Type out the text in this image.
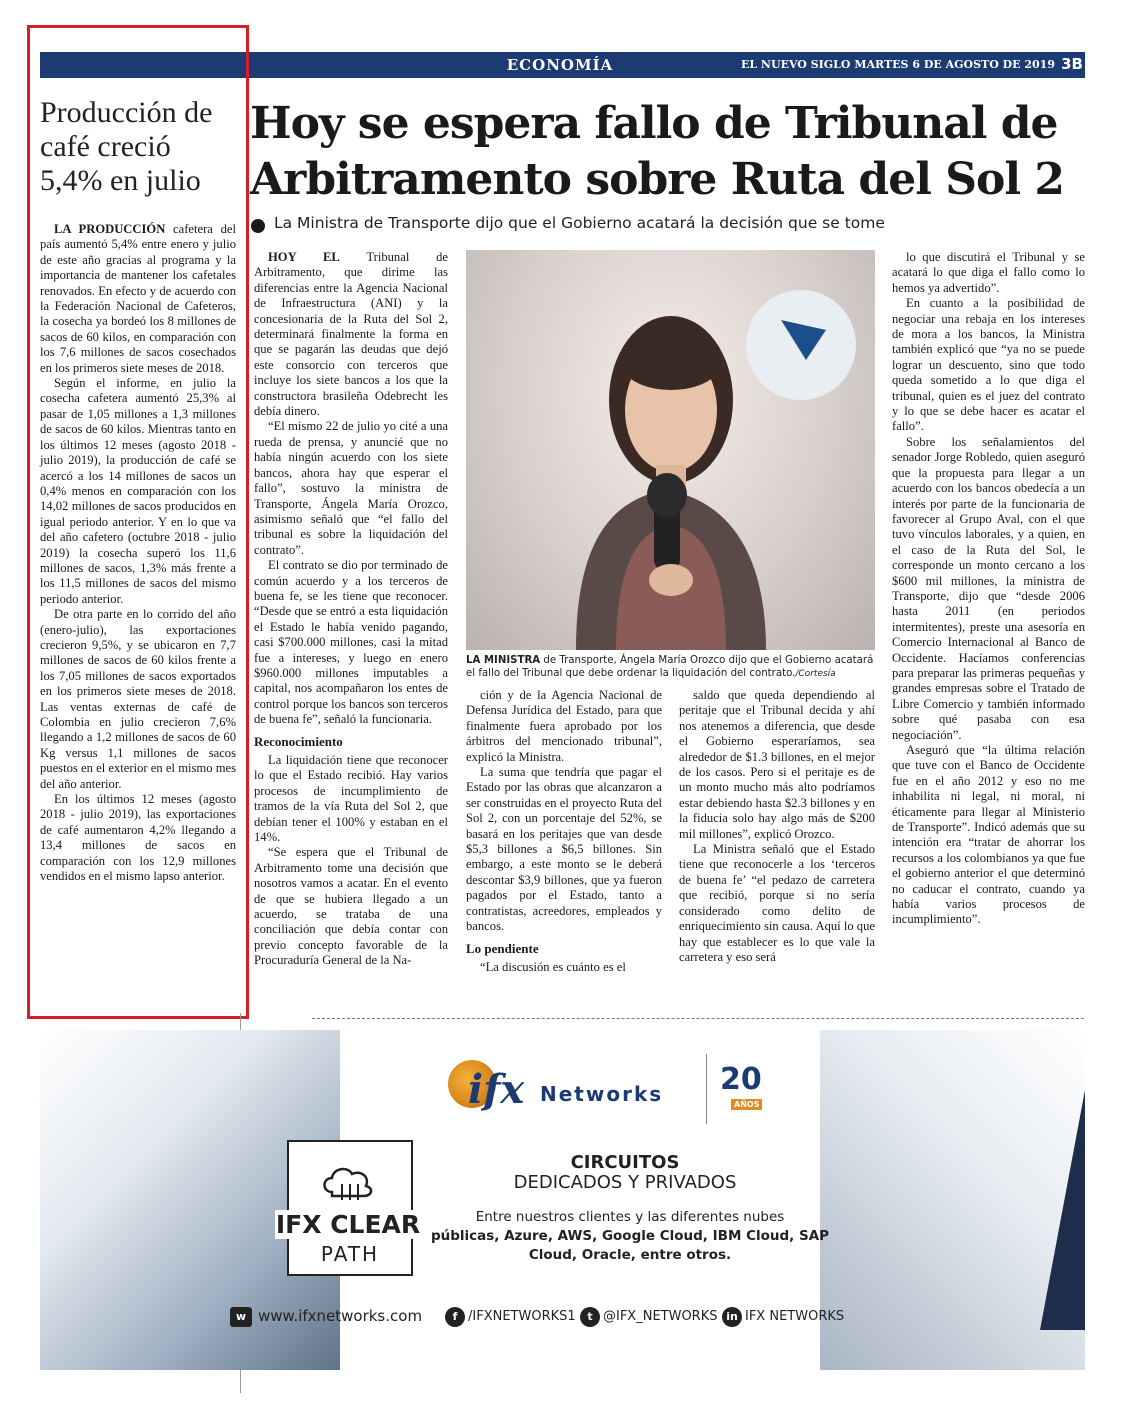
ECONOMÍA	EL NUEVO SIGLO MARTES 6 DE AGOSTO DE 2019 3B
Producción de café creció 5,4% en julio

LA PRODUCCIÓN cafetera del país aumentó 5,4% entre enero y julio de este año gracias al programa y la importancia de mantener los cafetales renovados. En efecto y de acuerdo con la Federación Nacional de Cafeteros, la cosecha ya bordeó los 8 millones de sacos de 60 kilos, en comparación con los 7,6 millones de sacos cosechados en los primeros siete meses de 2018.

Según el informe, en julio la cosecha cafetera aumentó 25,3% al pasar de 1,05 millones a 1,3 millones de sacos de 60 kilos. Mientras tanto en los últimos 12 meses (agosto 2018 - julio 2019), la producción de café se acercó a los 14 millones de sacos un 0,4% menos en comparación con los 14,02 millones de sacos producidos en igual periodo anterior. Y en lo que va del año cafetero (octubre 2018 - julio 2019) la cosecha superó los 11,6 millones de sacos, 1,3% más frente a los 11,5 millones de sacos del mismo periodo anterior.

De otra parte en lo corrido del año (enero-julio), las exportaciones crecieron 9,5%, y se ubicaron en 7,7 millones de sacos de 60 kilos frente a los 7,05 millones de sacos exportados en los primeros siete meses de 2018. Las ventas externas de café de Colombia en julio crecieron 7,6% llegando a 1,2 millones de sacos de 60 Kg versus 1,1 millones de sacos puestos en el exterior en el mismo mes del año anterior.

En los últimos 12 meses (agosto 2018 - julio 2019), las exportaciones de café aumentaron 4,2% llegando a 13,4 millones de sacos en comparación con los 12,9 millones vendidos en el mismo lapso anterior.

Hoy se espera fallo de Tribunal de Arbitramento sobre Ruta del Sol 2
La Ministra de Transporte dijo que el Gobierno acatará la decisión que se tome

HOY EL Tribunal de Arbitramento, que dirime las diferencias entre la Agencia Nacional de Infraestructura (ANI) y la concesionaria de la Ruta del Sol 2, determinará finalmente la forma en que se pagarán las deudas que dejó este consorcio con terceros que incluye los siete bancos a los que la constructora brasileña Odebrecht les debía dinero.

“El mismo 22 de julio yo cité a una rueda de prensa, y anuncié que no había ningún acuerdo con los siete bancos, ahora hay que esperar el fallo”, sostuvo la ministra de Transporte, Ángela María Orozco, asimismo señaló que “el fallo del tribunal es sobre la liquidación del contrato”.

El contrato se dio por terminado de común acuerdo y a los terceros de buena fe, se les tiene que reconocer. “Desde que se entró a esta liquidación el Estado le había venido pagando, casi $700.000 millones, casi la mitad fue a intereses, y luego en enero $960.000 millones imputables a capital, nos acompañaron los entes de control porque los bancos son terceros de buena fe”, señaló la funcionaria.

Reconocimiento

La liquidación tiene que reconocer lo que el Estado recibió. Hay varios procesos de incumplimiento de tramos de la vía Ruta del Sol 2, que debían tener el 100% y estaban en el 14%.

“Se espera que el Tribunal de Arbitramento tome una decisión que nosotros vamos a acatar. En el evento de que se hubiera llegado a un acuerdo, se trataba de una conciliación que debía contar con previo concepto favorable de la Procuraduría General de la Na-

LA MINISTRA de Transporte, Ángela María Orozco dijo que el Gobierno acatará el fallo del Tribunal que debe ordenar la liquidación del contrato./Cortesía

ción y de la Agencia Nacional de Defensa Jurídica del Estado, para que finalmente fuera aprobado por los árbitros del mencionado tribunal”, explicó la Ministra.

La suma que tendría que pagar el Estado por las obras que alcanzaron a ser construidas en el proyecto Ruta del Sol 2, con un porcentaje del 52%, se basará en los peritajes que van desde $5,3 billones a $6,5 billones. Sin embargo, a este monto se le deberá descontar $3,9 billones, que ya fueron pagados por el Estado, tanto a contratistas, acreedores, empleados y bancos.

Lo pendiente

“La discusión es cuánto es el

saldo que queda dependiendo al peritaje que el Tribunal decida y ahí nos atenemos a diferencia, que desde el Gobierno esperaríamos, sea alrededor de $1.3 billones, en el mejor de los casos. Pero si el peritaje es de un monto mucho más alto podríamos estar debiendo hasta $2.3 billones y en la fiducia solo hay algo más de $200 mil millones”, explicó Orozco.

La Ministra señaló que el Estado tiene que reconocerle a los ‘terceros de buena fe’ “el pedazo de carretera que recibió, porque si no sería considerado como delito de enriquecimiento sin causa. Aquí lo que hay que establecer es lo que vale la carretera y eso será

lo que discutirá el Tribunal y se acatará lo que diga el fallo como lo hemos ya advertido”.

En cuanto a la posibilidad de negociar una rebaja en los intereses de mora a los bancos, la Ministra también explicó que “ya no se puede lograr un descuento, sino que todo queda sometido a lo que diga el tribunal, quien es el juez del contrato y lo que se debe hacer es acatar el fallo”.

Sobre los señalamientos del senador Jorge Robledo, quien aseguró que la propuesta para llegar a un acuerdo con los bancos obedecía a un interés por parte de la funcionaria de favorecer al Grupo Aval, con el que tuvo vínculos laborales, y a quien, en el caso de la Ruta del Sol, le corresponde un monto cercano a los $600 mil millones, la ministra de Transporte, dijo que “desde 2006 hasta 2011 (en periodos intermitentes), preste una asesoría en Comercio Internacional al Banco de Occidente. Hacíamos conferencias para preparar las primeras pequeñas y grandes empresas sobre el Tratado de Libre Comercio y también informado sobre qué pasaba con esa negociación”.

Aseguró que “la última relación que tuve con el Banco de Occidente fue en el año 2012 y eso no me inhabilita ni legal, ni moral, ni éticamente para llegar al Ministerio de Transporte”. Indicó además que su intención era “tratar de ahorrar los recursos a los colombianos ya que fue el gobierno anterior el que determinó no caducar el contrato, cuando ya había varios procesos de incumplimiento”.

ifx Networks 20
AÑOS
IFX CLEAR
PATH
CIRCUITOS
DEDICADOS Y PRIVADOS
Entre nuestros clientes y las diferentes nubes
públicas, Azure, AWS, Google Cloud, IBM Cloud, SAP
Cloud, Oracle, entre otros.
w www.ifxnetworks.com	f /IFXNETWORKS1	t @IFX_NETWORKS in IFX NETWORKS
